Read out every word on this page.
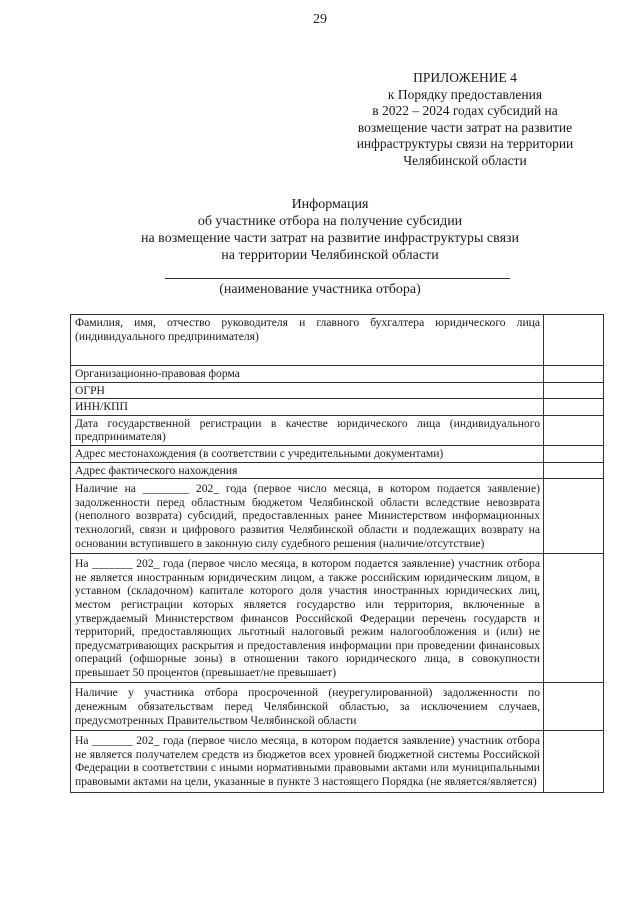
29
ПРИЛОЖЕНИЕ 4
к Порядку предоставления
в 2022 – 2024 годах субсидий на
возмещение части затрат на развитие
инфраструктуры связи на территории
Челябинской области
Информация
об участнике отбора на получение субсидии
на возмещение части затрат на развитие инфраструктуры связи
на территории Челябинской области
(наименование участника отбора)
Фамилия, имя, отчество руководителя и главного бухгалтера юридического лица (индивидуального предпринимателя)	
Организационно-правовая форма	
ОГРН	
ИНН/КПП	
Дата государственной регистрации в качестве юридического лица (индивидуального предпринимателя)	
Адрес местонахождения (в соответствии с учредительными документами)	
Адрес фактического нахождения	
Наличие на ________ 202_ года (первое число месяца, в котором подается заявление) задолженности перед областным бюджетом Челябинской области вследствие невозврата (неполного возврата) субсидий, предоставленных ранее Министерством информационных технологий, связи и цифрового развития Челябинской области и подлежащих возврату на основании вступившего в законную силу судебного решения (наличие/отсутствие)	
На _______ 202_ года (первое число месяца, в котором подается заявление) участник отбора не является иностранным юридическим лицом, а также российским юридическим лицом, в уставном (складочном) капитале которого доля участия иностранных юридических лиц, местом регистрации которых является государство или территория, включенные в утверждаемый Министерством финансов Российской Федерации перечень государств и территорий, предоставляющих льготный налоговый режим налогообложения и (или) не предусматривающих раскрытия и предоставления информации при проведении финансовых операций (офшорные зоны) в отношении такого юридического лица, в совокупности превышает 50 процентов (превышает/не превышает)	
Наличие у участника отбора просроченной (неурегулированной) задолженности по денежным обязательствам перед Челябинской областью, за исключением случаев, предусмотренных Правительством Челябинской области	
На _______ 202_ года (первое число месяца, в котором подается заявление) участник отбора не является получателем средств из бюджетов всех уровней бюджетной системы Российской Федерации в соответствии с иными нормативными правовыми актами или муниципальными правовыми актами на цели, указанные в пункте 3 настоящего Порядка (не является/является)	
